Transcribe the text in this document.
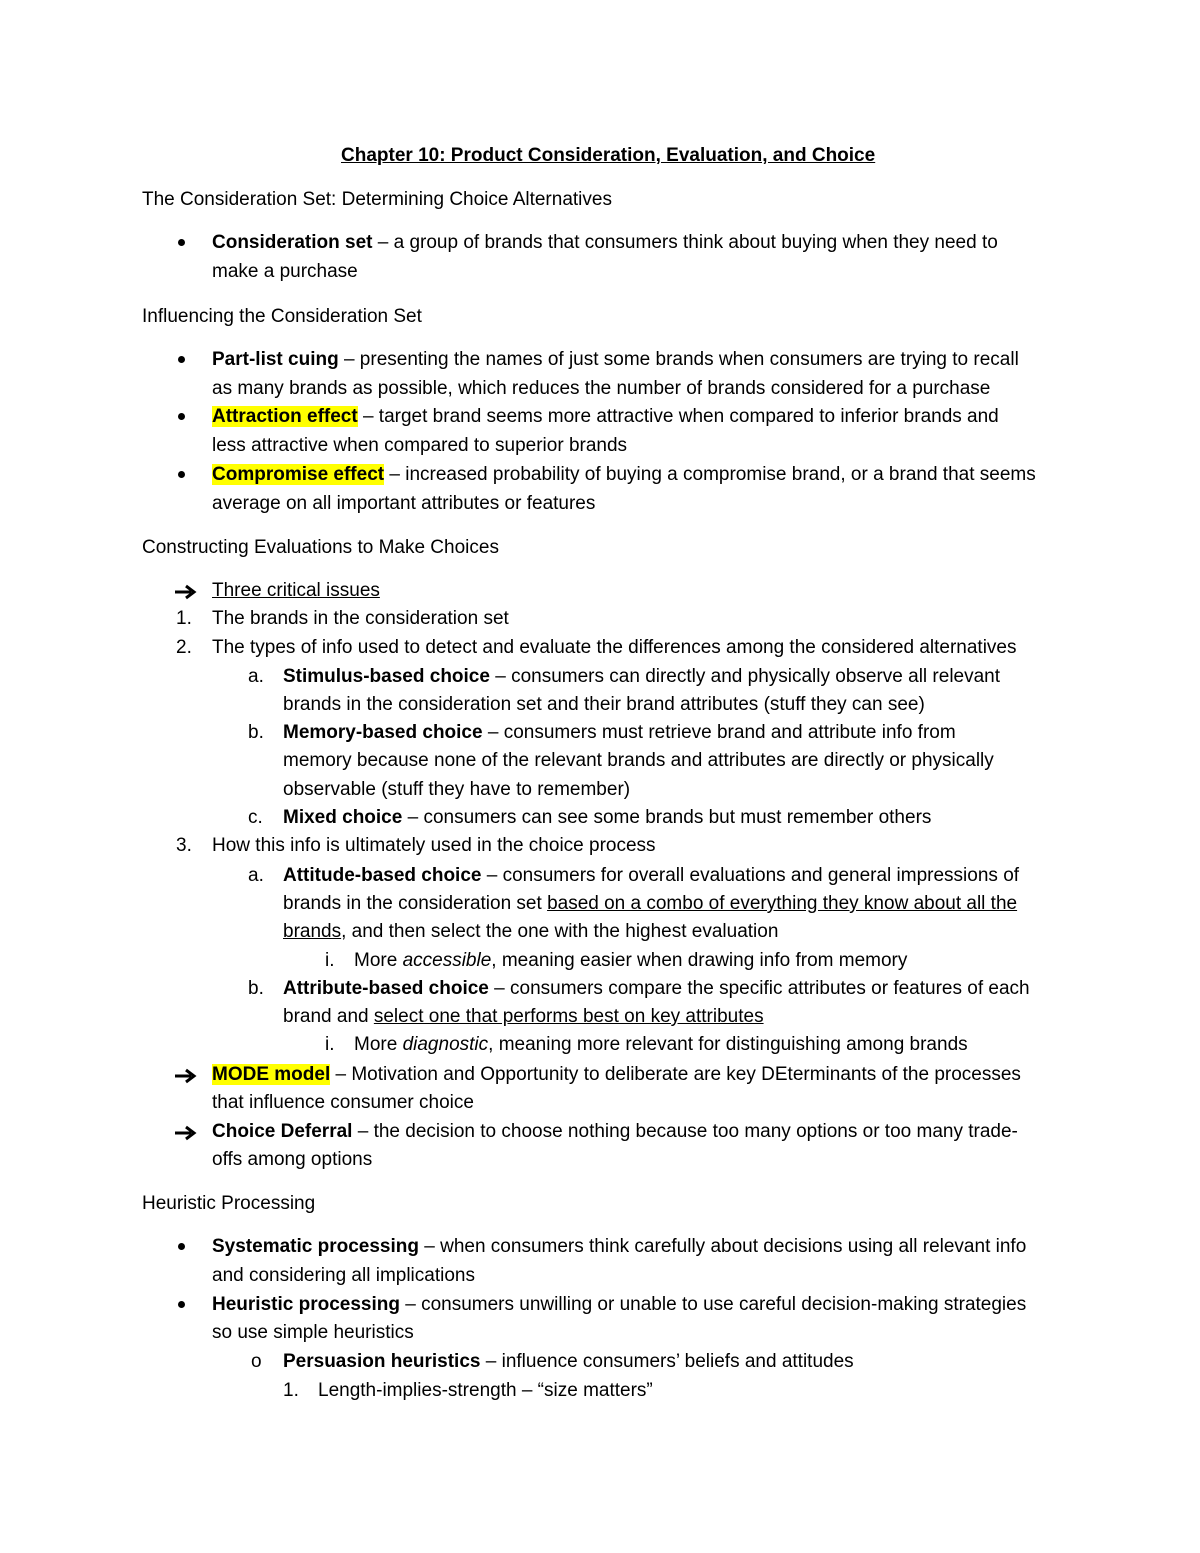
Chapter 10: Product Consideration, Evaluation, and Choice
The Consideration Set: Determining Choice Alternatives
Consideration set – a group of brands that consumers think about buying when they need to
make a purchase
Influencing the Consideration Set
Part-list cuing – presenting the names of just some brands when consumers are trying to recall
as many brands as possible, which reduces the number of brands considered for a purchase
Attraction effect – target brand seems more attractive when compared to inferior brands and
less attractive when compared to superior brands
Compromise effect – increased probability of buying a compromise brand, or a brand that seems
average on all important attributes or features
Constructing Evaluations to Make Choices
Three critical issues
1. The brands in the consideration set
2. The types of info used to detect and evaluate the differences among the considered alternatives
a. Stimulus-based choice – consumers can directly and physically observe all relevant
brands in the consideration set and their brand attributes (stuff they can see)
b. Memory-based choice – consumers must retrieve brand and attribute info from
memory because none of the relevant brands and attributes are directly or physically
observable (stuff they have to remember)
c. Mixed choice – consumers can see some brands but must remember others
3. How this info is ultimately used in the choice process
a. Attitude-based choice – consumers for overall evaluations and general impressions of
brands in the consideration set based on a combo of everything they know about all the
brands, and then select the one with the highest evaluation
i. More accessible, meaning easier when drawing info from memory
b. Attribute-based choice – consumers compare the specific attributes or features of each
brand and select one that performs best on key attributes
i. More diagnostic, meaning more relevant for distinguishing among brands
MODE model – Motivation and Opportunity to deliberate are key DEterminants of the processes
that influence consumer choice
Choice Deferral – the decision to choose nothing because too many options or too many trade-
offs among options
Heuristic Processing
Systematic processing – when consumers think carefully about decisions using all relevant info
and considering all implications
Heuristic processing – consumers unwilling or unable to use careful decision-making strategies
so use simple heuristics
o Persuasion heuristics – influence consumers’ beliefs and attitudes
1. Length-implies-strength – “size matters”
